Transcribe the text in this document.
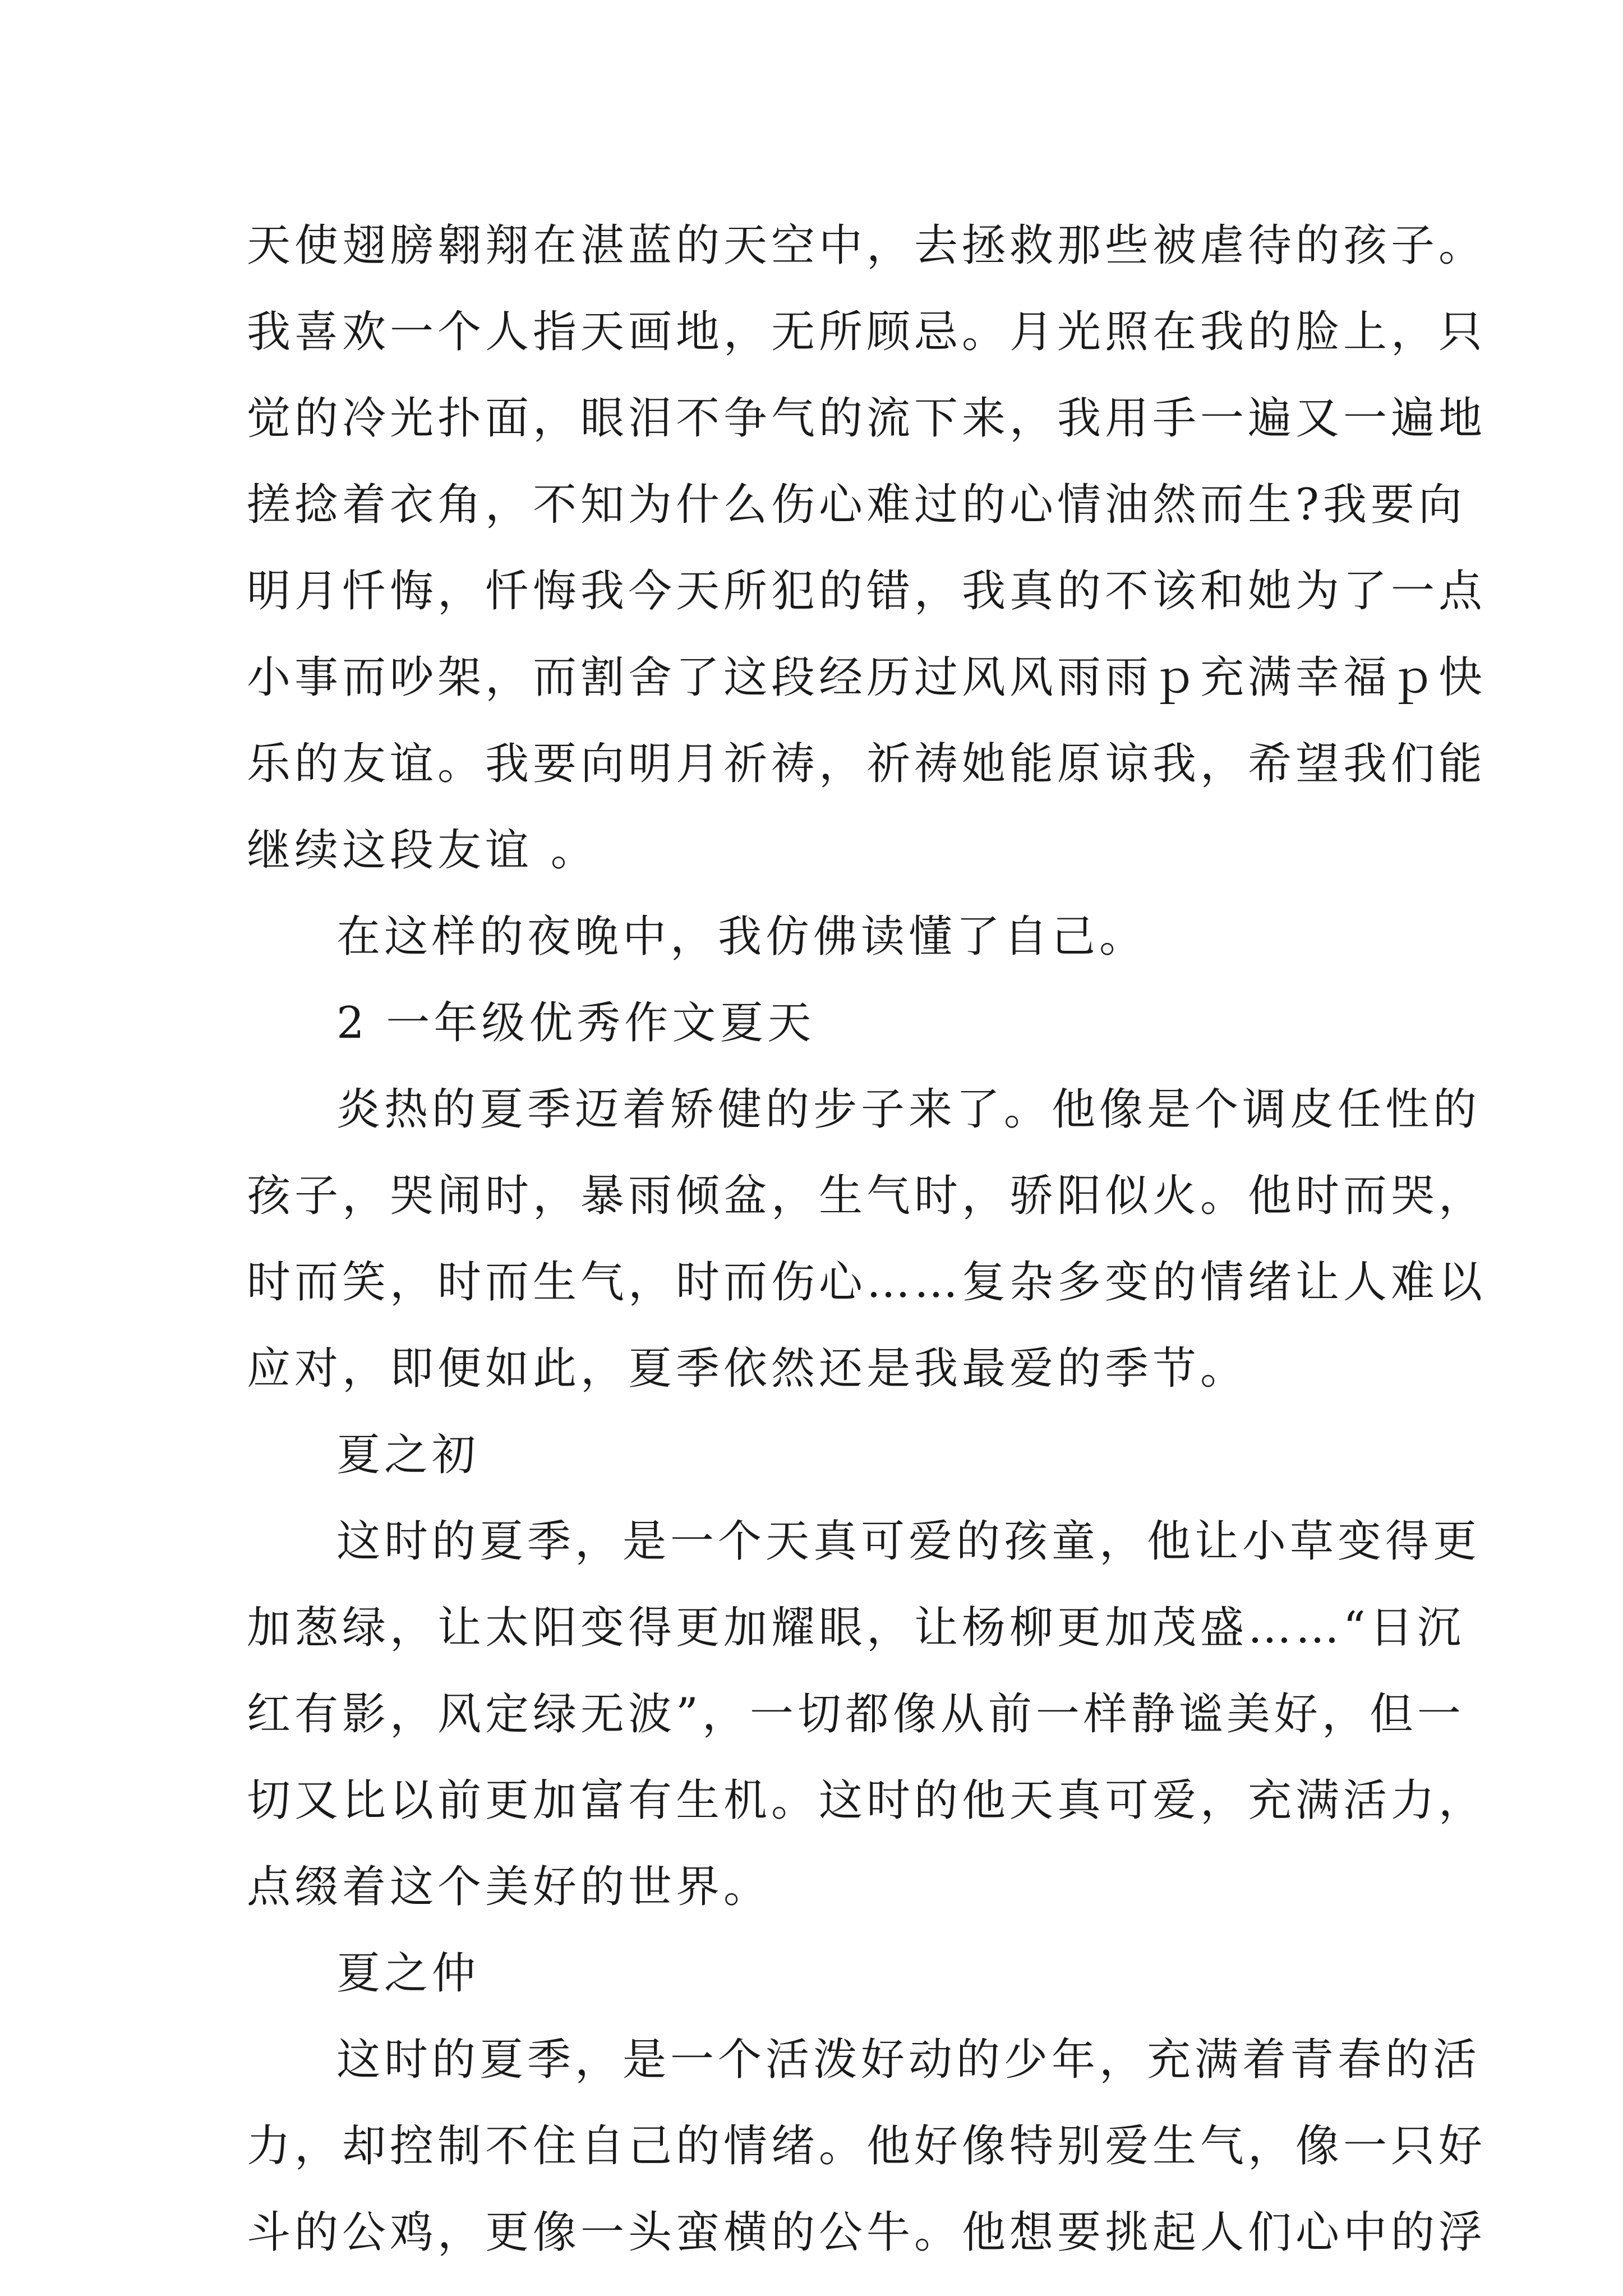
天使翅膀翱翔在湛蓝的天空中，去拯救那些被虐待的孩子。
我喜欢一个人指天画地，无所顾忌。月光照在我的脸上，只
觉的冷光扑面，眼泪不争气的流下来，我用手一遍又一遍地
搓捻着衣角，不知为什么伤心难过的心情油然而生?我要向
明月忏悔，忏悔我今天所犯的错，我真的不该和她为了一点
小事而吵架，而割舍了这段经历过风风雨雨ｐ充满幸福ｐ快
乐的友谊。我要向明月祈祷，祈祷她能原谅我，希望我们能
继续这段友谊 。
在这样的夜晚中，我仿佛读懂了自己。
2 一年级优秀作文夏天
炎热的夏季迈着矫健的步子来了。他像是个调皮任性的
孩子，哭闹时，暴雨倾盆，生气时，骄阳似火。他时而哭，
时而笑，时而生气，时而伤心……复杂多变的情绪让人难以
应对，即便如此，夏季依然还是我最爱的季节。
夏之初
这时的夏季，是一个天真可爱的孩童，他让小草变得更
加葱绿，让太阳变得更加耀眼，让杨柳更加茂盛……“日沉
红有影，风定绿无波”，一切都像从前一样静谧美好，但一
切又比以前更加富有生机。这时的他天真可爱，充满活力，
点缀着这个美好的世界。
夏之仲
这时的夏季，是一个活泼好动的少年，充满着青春的活
力，却控制不住自己的情绪。他好像特别爱生气，像一只好
斗的公鸡，更像一头蛮横的公牛。他想要挑起人们心中的浮
